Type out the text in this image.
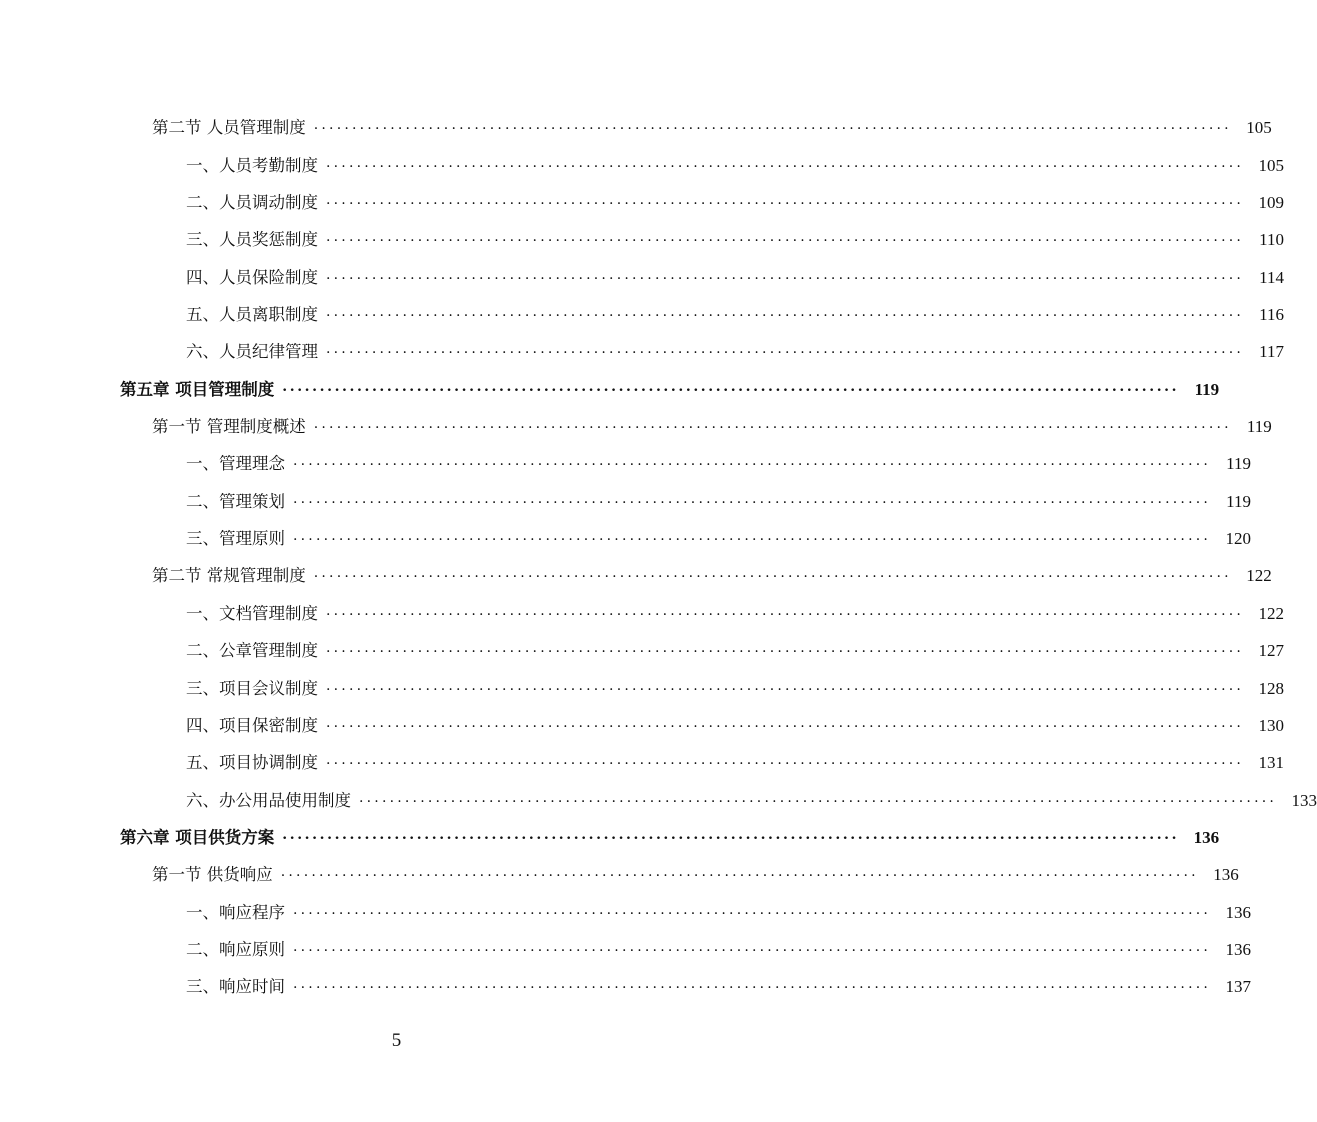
第二节 人员管理制度 ........................................................................................................................ 105
一、人员考勤制度 ........................................................................................................................ 105
二、人员调动制度 ........................................................................................................................ 109
三、人员奖惩制度 ........................................................................................................................ 110
四、人员保险制度 ........................................................................................................................ 114
五、人员离职制度 ........................................................................................................................ 116
六、人员纪律管理 ........................................................................................................................ 117
第五章 项目管理制度 ........................................................................................................................ 119
第一节 管理制度概述 ........................................................................................................................ 119
一、管理理念 ........................................................................................................................ 119
二、管理策划 ........................................................................................................................ 119
三、管理原则 ........................................................................................................................ 120
第二节 常规管理制度 ........................................................................................................................ 122
一、文档管理制度 ........................................................................................................................ 122
二、公章管理制度 ........................................................................................................................ 127
三、项目会议制度 ........................................................................................................................ 128
四、项目保密制度 ........................................................................................................................ 130
五、项目协调制度 ........................................................................................................................ 131
六、办公用品使用制度 ........................................................................................................................ 133
第六章 项目供货方案 ........................................................................................................................ 136
第一节 供货响应 ........................................................................................................................ 136
一、响应程序 ........................................................................................................................ 136
二、响应原则 ........................................................................................................................ 136
三、响应时间 ........................................................................................................................ 137
5
